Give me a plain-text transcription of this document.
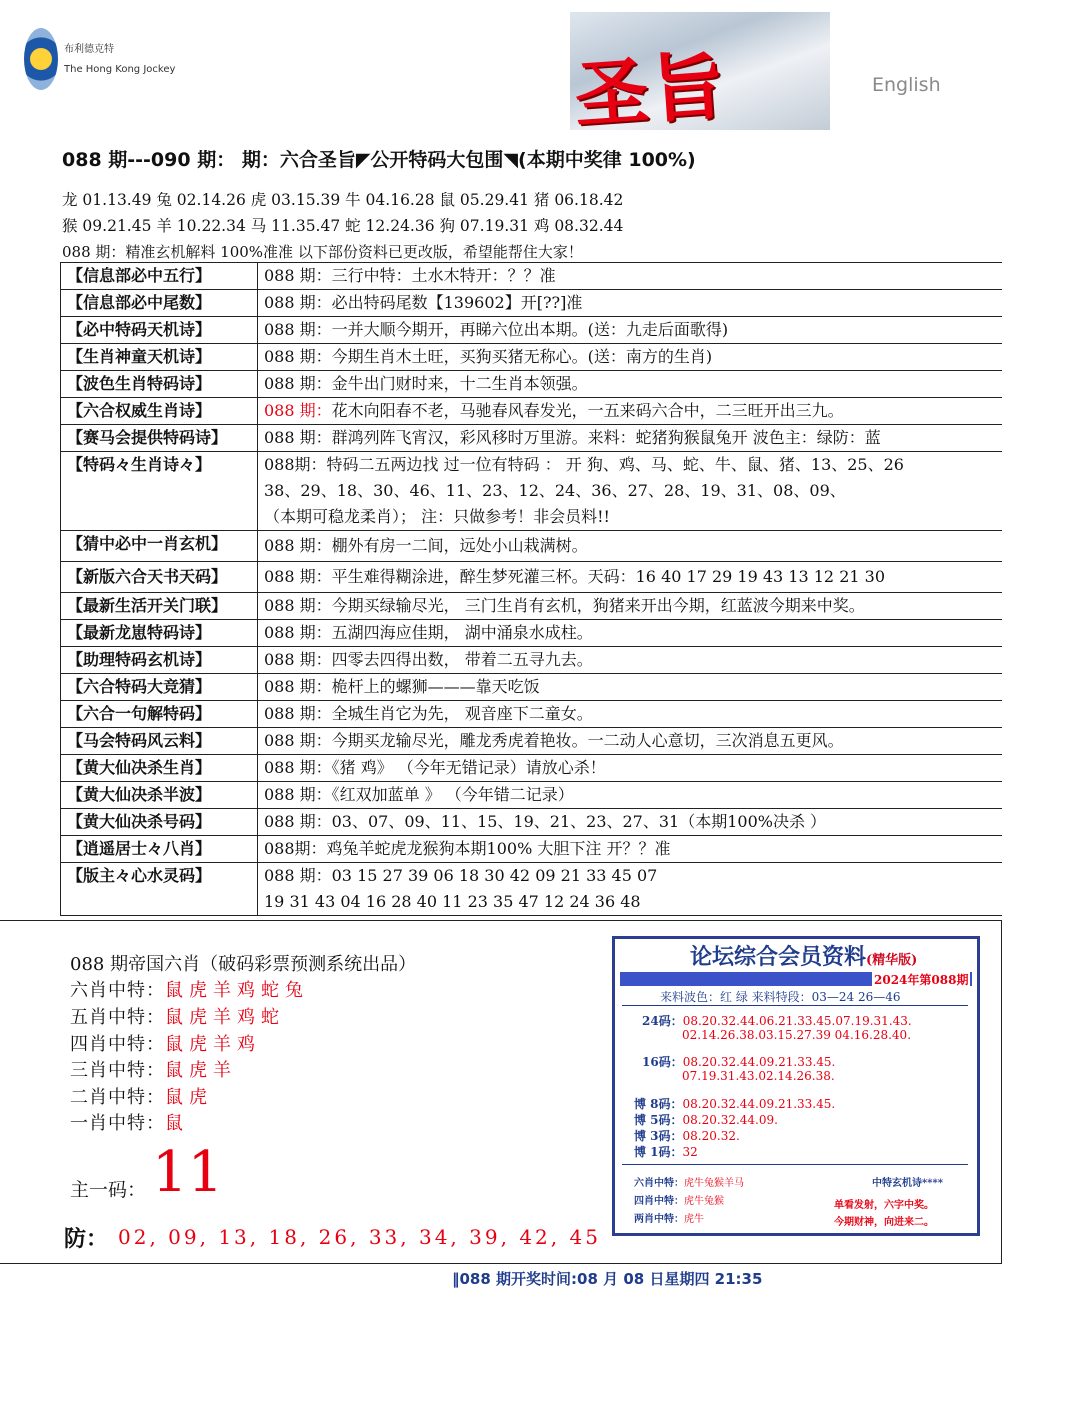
布利德克特
The Hong Kong Jockey	圣旨	English
088 期---090 期： 期：六合圣旨◤公开特码大包围◥(本期中奖律 100%)
龙 01.13.49 兔 02.14.26 虎 03.15.39 牛 04.16.28 鼠 05.29.41 猪 06.18.42
猴 09.21.45 羊 10.22.34 马 11.35.47 蛇 12.24.36 狗 07.19.31 鸡 08.32.44
088 期：精准玄机解料 100%准准 以下部份资料已更改版，希望能帮住大家！
【信息部必中五行】	088 期：三行中特：土水木特开：？？准
【信息部必中尾数】	088 期：必出特码尾数【139602】开[??]准
【必中特码天机诗】	088 期：一并大顺今期开，再睇六位出本期。(送：九走后面歌得)
【生肖神童天机诗】	088 期：今期生肖木土旺，买狗买猪无称心。(送：南方的生肖)
【波色生肖特码诗】	088 期：金牛出门财时来，十二生肖本领强。
【六合权威生肖诗】	088 期：花木向阳春不老，马驰春风春发光，一五来码六合中，二三旺开出三九。
【赛马会提供特码诗】	088 期：群鸿列阵飞宵汉，彩风移时万里游。来料：蛇猪狗猴鼠兔开 波色主：绿防：蓝
【特码々生肖诗々】	088期：特码二五两边找 过一位有特码 ： 开 狗、鸡、马、蛇、牛、鼠、猪、13、25、26
38、29、18、30、46、11、23、12、24、36、27、28、19、31、08、09、
（本期可稳龙柔肖）； 注：只做参考！非会员料!!
【猜中必中一肖玄机】	088 期：棚外有房一二间，远处小山栽满树。
【新版六合天书天码】	088 期：平生难得糊涂进，醉生梦死灌三杯。天码：16 40 17 29 19 43 13 12 21 30
【最新生活开关门联】	088 期：今期买绿输尽光， 三门生肖有玄机，狗猪来开出今期，红蓝波今期来中奖。
【最新龙崽特码诗】	088 期：五湖四海应佳期， 湖中涌泉水成柱。
【助理特码玄机诗】	088 期：四零去四得出数， 带着二五寻九去。
【六合特码大竞猜】	088 期：桅杆上的螺狮———靠天吃饭
【六合一句解特码】	088 期：全城生肖它为先， 观音座下二童女。
【马会特码风云料】	088 期：今期买龙输尽光，雕龙秀虎着艳妆。一二动人心意切，三次消息五更风。
【黄大仙决杀生肖】	088 期：《猪 鸡》 （今年无错记录）请放心杀！
【黄大仙决杀半波】	088 期：《红双加蓝单 》 （今年错二记录）
【黄大仙决杀号码】	088 期：03、07、09、11、15、19、21、23、27、31（本期100%决杀 ）
【逍遥居士々八肖】	088期：鸡兔羊蛇虎龙猴狗本期100% 大胆下注 开？？准
【版主々心水灵码】	088 期：03 15 27 39 06 18 30 42 09 21 33 45 07
19 31 43 04 16 28 40 11 23 35 47 12 24 36 48
088 期帝国六肖（破码彩票预测系统出品）
六肖中特：鼠虎羊鸡蛇兔
五肖中特：鼠虎羊鸡蛇
四肖中特：鼠虎羊鸡
三肖中特：鼠虎羊
二肖中特：鼠虎
一肖中特：鼠
主一码： 11
防： 02, 09, 13, 18, 26, 33, 34, 39, 42, 45
论坛综合会员资料(精华版)
2024年第088期
来料波色：红 绿 来料特段：03—24 26—46
24码：08.20.32.44.06.21.33.45.07.19.31.43.
02.14.26.38.03.15.27.39 04.16.28.40.
16码：08.20.32.44.09.21.33.45.
07.19.31.43.02.14.26.38.
博 8码：08.20.32.44.09.21.33.45.
博 5码：08.20.32.44.09.
博 3码：08.20.32.
博 1码：32
六肖中特：虎牛兔猴羊马
四肖中特：虎牛兔猴
两肖中特：虎牛
中特玄机诗****
单看发射，六字中奖。
今期财神，向进来二。
‖088 期开奖时间:08 月 08 日星期四 21:35
